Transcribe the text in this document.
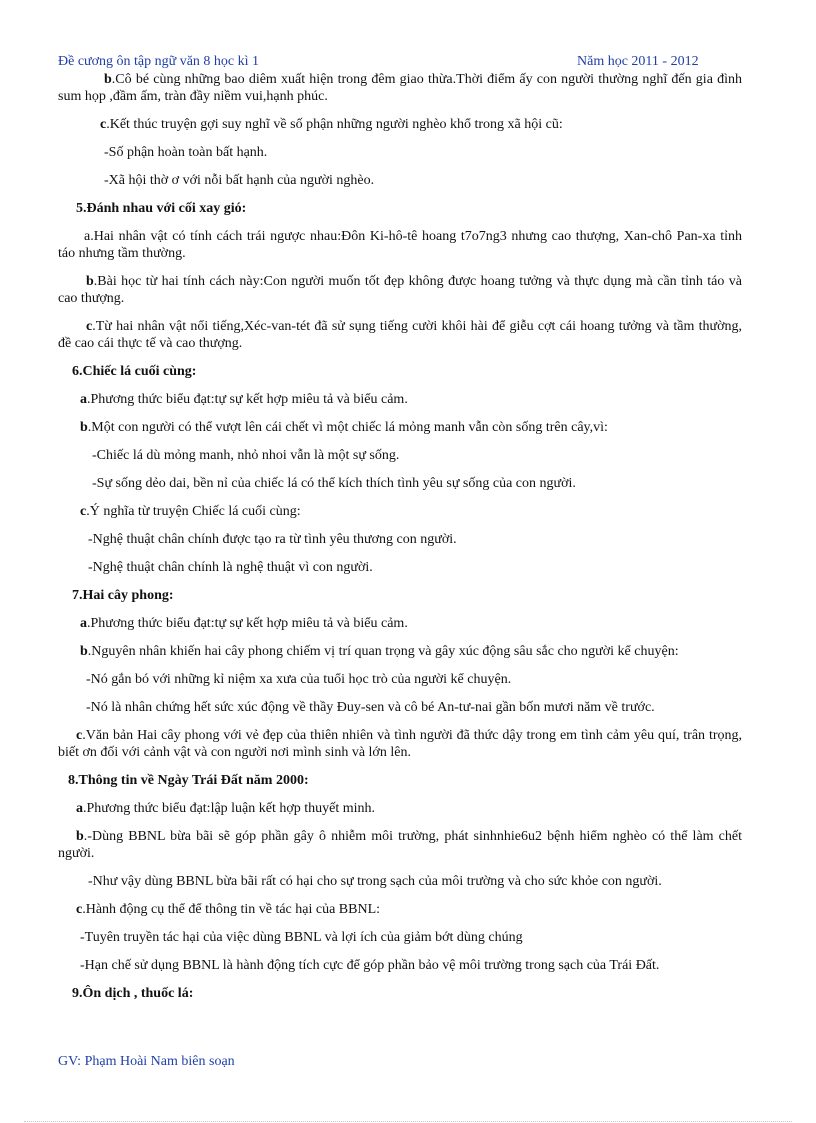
Đề cương ôn tập ngữ văn 8 học kì 1	Năm học 2011 - 2012

b.Cô bé cùng những bao diêm xuất hiện trong đêm giao thừa.Thời điểm ấy con người thường nghĩ đến gia đình sum họp ,đầm ấm, tràn đầy niềm vui,hạnh phúc.

c.Kết thúc truyện gợi suy nghĩ về số phận những người nghèo khổ trong xã hội cũ:

-Số phận hoàn toàn bất hạnh.

-Xã hội thờ ơ với nỗi bất hạnh của người nghèo.

5.Đánh nhau với cối xay gió:

a.Hai nhân vật có tính cách trái ngược nhau:Đôn Ki-hô-tê hoang t7o7ng3 nhưng cao thượng, Xan-chô Pan-xa tỉnh táo nhưng tầm thường.

b.Bài học từ hai tính cách này:Con người muốn tốt đẹp không được hoang tưởng và thực dụng mà cần tỉnh táo và cao thượng.

c.Từ hai nhân vật nổi tiếng,Xéc-van-tét đã sử sụng tiếng cười khôi hài để giễu cợt cái hoang tưởng và tầm thường, đề cao cái thực tế và cao thượng.

6.Chiếc lá cuối cùng:

a.Phương thức biểu đạt:tự sự kết hợp miêu tả và biểu cảm.

b.Một con người có thể vượt lên cái chết vì một chiếc lá mỏng manh vẫn còn sống trên cây,vì:

-Chiếc lá dù mỏng manh, nhỏ nhoi vẫn là một sự sống.

-Sự sống dẻo dai, bền nỉ của chiếc lá có thể kích thích tình yêu sự sống của con người.

c.Ý nghĩa từ truyện Chiếc lá cuối cùng:

-Nghệ thuật chân chính được tạo ra từ tình yêu thương con người.

-Nghệ thuật chân chính là nghệ thuật vì con người.

7.Hai cây phong:

a.Phương thức biểu đạt:tự sự kết hợp miêu tả và biểu cảm.

b.Nguyên nhân khiến hai cây phong chiếm vị trí quan trọng và gây xúc động sâu sắc cho người kể chuyện:

-Nó gắn bó với những kỉ niệm xa xưa của tuổi học trò của người kể chuyện.

-Nó là nhân chứng hết sức xúc động về thầy Đuy-sen và cô bé An-tư-nai gần bốn mươi năm về trước.

c.Văn bản Hai cây phong với vẻ đẹp của thiên nhiên và tình người đã thức dậy trong em tình cảm yêu quí, trân trọng, biết ơn đối với cảnh vật và con người nơi mình sinh và lớn lên.

8.Thông tin về Ngày Trái Đất năm 2000:

a.Phương thức biểu đạt:lập luận kết hợp thuyết minh.

b.-Dùng BBNL bừa bãi sẽ góp phần gây ô nhiễm môi trường, phát sinhnhie6u2 bệnh hiểm nghèo có thể làm chết người.

-Như vậy dùng BBNL bừa bãi rất có hại cho sự trong sạch của môi trường và cho sức khỏe con người.

c.Hành động cụ thể để thông tin về tác hại của BBNL:

-Tuyên truyền tác hại của việc dùng BBNL và lợi ích của giảm bớt dùng chúng

-Hạn chế sử dụng BBNL là hành động tích cực để góp phần bảo vệ môi trường trong sạch của Trái Đất.

9.Ôn dịch , thuốc lá:

GV: Phạm Hoài Nam biên soạn
